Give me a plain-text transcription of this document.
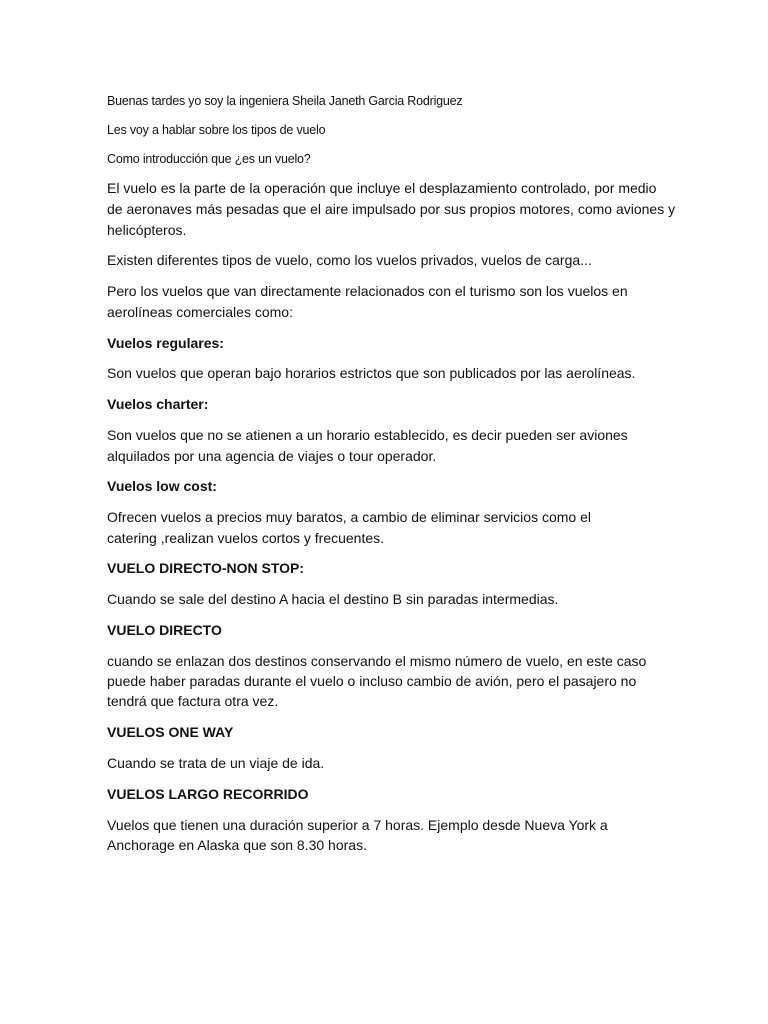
Buenas tardes yo soy la ingeniera Sheila Janeth Garcia Rodriguez

Les voy a hablar sobre los tipos de vuelo

Como introducción que ¿es un vuelo?

El vuelo es la parte de la operación que incluye el desplazamiento controlado, por medio

de aeronaves más pesadas que el aire impulsado por sus propios motores, como aviones y

helicópteros.

Existen diferentes tipos de vuelo, como los vuelos privados, vuelos de carga...

Pero los vuelos que van directamente relacionados con el turismo son los vuelos en

aerolíneas comerciales como:

Vuelos regulares:

Son vuelos que operan bajo horarios estrictos que son publicados por las aerolíneas.

Vuelos charter:

Son vuelos que no se atienen a un horario establecido, es decir pueden ser aviones

alquilados por una agencia de viajes o tour operador.

Vuelos low cost:

Ofrecen vuelos a precios muy baratos, a cambio de eliminar servicios como el

catering ,realizan vuelos cortos y frecuentes.

VUELO DIRECTO-NON STOP:

Cuando se sale del destino A hacia el destino B sin paradas intermedias.

VUELO DIRECTO

cuando se enlazan dos destinos conservando el mismo número de vuelo, en este caso

puede haber paradas durante el vuelo o incluso cambio de avión, pero el pasajero no

tendrá que factura otra vez.

VUELOS ONE WAY

Cuando se trata de un viaje de ida.

VUELOS LARGO RECORRIDO

Vuelos que tienen una duración superior a 7 horas. Ejemplo desde Nueva York a

Anchorage en Alaska que son 8.30 horas.
